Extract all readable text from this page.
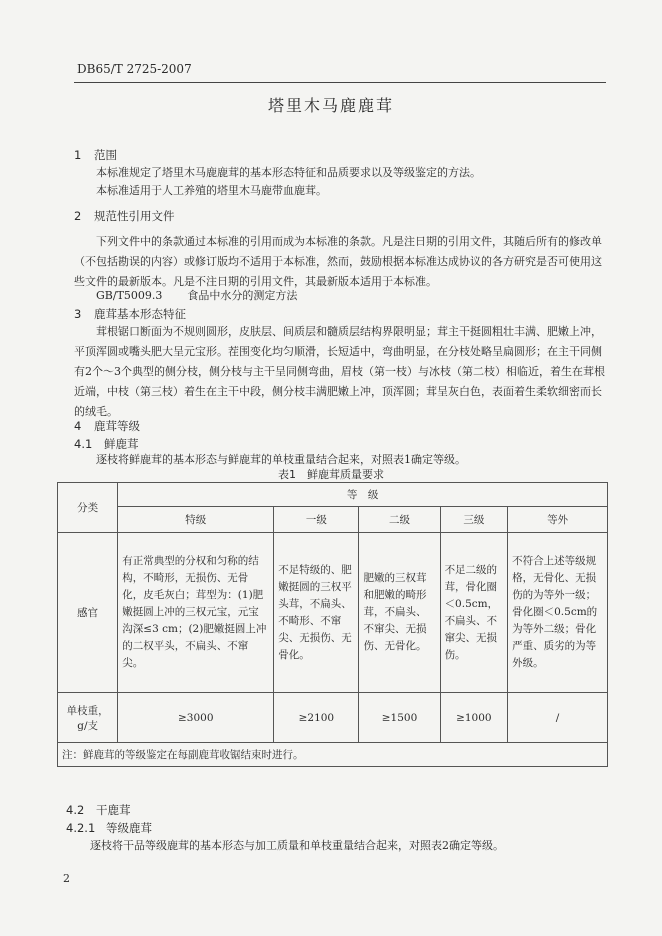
DB65/T 2725-2007
塔里木马鹿鹿茸
1 范围
本标准规定了塔里木马鹿鹿茸的基本形态特征和品质要求以及等级鉴定的方法。
本标准适用于人工养殖的塔里木马鹿带血鹿茸。
2 规范性引用文件
下列文件中的条款通过本标准的引用而成为本标准的条款。凡是注日期的引用文件，其随后所有的修改单（不包括勘误的内容）或修订版均不适用于本标准，然而，鼓励根据本标准达成协议的各方研究是否可使用这些文件的最新版本。凡是不注日期的引用文件，其最新版本适用于本标准。
GB/T5009.3 食品中水分的测定方法
3 鹿茸基本形态特征
茸根锯口断面为不规则圆形，皮肤层、间质层和髓质层结构界限明显；茸主干挺圆粗壮丰满、肥嫩上冲，平顶浑圆或嘴头肥大呈元宝形。茬围变化均匀顺滑，长短适中，弯曲明显，在分枝处略呈扁圆形；在主干同侧有2个～3个典型的侧分枝，侧分枝与主干呈同侧弯曲，眉枝（第一枝）与冰枝（第二枝）相临近，着生在茸根近端，中枝（第三枝）着生在主干中段，侧分枝丰满肥嫩上冲，顶浑圆；茸呈灰白色，表面着生柔软细密而长的绒毛。
4 鹿茸等级
4.1 鲜鹿茸
逐枝将鲜鹿茸的基本形态与鲜鹿茸的单枝重量结合起来，对照表1确定等级。
表1　鲜鹿茸质量要求
分类	等　级				
	特级	一级	二级	三级	等外
感官	有正常典型的分权和匀称的结构，不畸形，无损伤、无骨化，皮毛灰白；茸型为：(1)肥嫩挺圆上冲的三权元宝，元宝沟深≤3 cm；(2)肥嫩挺圆上冲的二权平头，不扁头、不窜尖。	不足特级的、肥嫩挺圆的三权平头茸，不扁头、不畸形、不窜尖、无损伤、无骨化。	肥嫩的三权茸和肥嫩的畸形茸，不扁头、不窜尖、无损伤、无骨化。	不足二级的茸，骨化圈＜0.5cm，不扁头、不窜尖、无损伤。	不符合上述等级规格，无骨化、无损伤的为等外一级；骨化圈＜0.5cm的为等外二级；骨化严重、质劣的为等外级。
单枝重，g/支	≥3000	≥2100	≥1500	≥1000	/
注：鲜鹿茸的等级鉴定在每副鹿茸收锯结束时进行。					
4.2 干鹿茸
4.2.1 等级鹿茸
逐枝将干品等级鹿茸的基本形态与加工质量和单枝重量结合起来，对照表2确定等级。
2
